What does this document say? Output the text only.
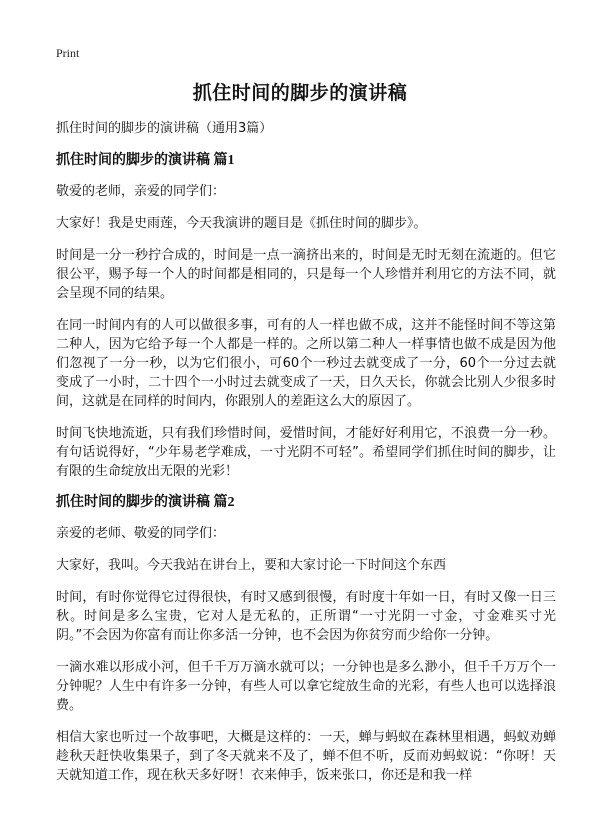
Print
抓住时间的脚步的演讲稿
抓住时间的脚步的演讲稿（通用3篇）
抓住时间的脚步的演讲稿 篇1

敬爱的老师，亲爱的同学们：

大家好！我是史雨莲，今天我演讲的题目是《抓住时间的脚步》。

时间是一分一秒拧合成的，时间是一点一滴挤出来的，时间是无时无刻在流逝的。但它很公平，赐予每一个人的时间都是相同的，只是每一个人珍惜并利用它的方法不同，就会呈现不同的结果。

在同一时间内有的人可以做很多事，可有的人一样也做不成，这并不能怪时间不等这第二种人，因为它给予每一个人都是一样的。之所以第二种人一样事情也做不成是因为他们忽视了一分一秒，以为它们很小，可60个一秒过去就变成了一分，60个一分过去就变成了一小时，二十四个一小时过去就变成了一天，日久天长，你就会比别人少很多时间，这就是在同样的时间内，你跟别人的差距这么大的原因了。

时间飞快地流逝，只有我们珍惜时间，爱惜时间，才能好好利用它，不浪费一分一秒。有句话说得好，“少年易老学难成，一寸光阴不可轻”。希望同学们抓住时间的脚步，让有限的生命绽放出无限的光彩！

抓住时间的脚步的演讲稿 篇2

亲爱的老师、敬爱的同学们：

大家好，我叫。今天我站在讲台上，要和大家讨论一下时间这个东西

时间，有时你觉得它过得很快，有时又感到很慢，有时度十年如一日，有时又像一日三秋。时间是多么宝贵，它对人是无私的，正所谓“一寸光阴一寸金，寸金难买寸光阴。”不会因为你富有而让你多活一分钟，也不会因为你贫穷而少给你一分钟。

一滴水难以形成小河，但千千万万滴水就可以；一分钟也是多么渺小，但千千万万个一分钟呢？人生中有许多一分钟，有些人可以拿它绽放生命的光彩，有些人也可以选择浪费。

相信大家也听过一个故事吧，大概是这样的：一天，蝉与蚂蚁在森林里相遇，蚂蚁劝蝉趁秋天赶快收集果子，到了冬天就来不及了，蝉不但不听，反而劝蚂蚁说：“你呀！天天就知道工作，现在秋天多好呀！衣来伸手，饭来张口，你还是和我一样
